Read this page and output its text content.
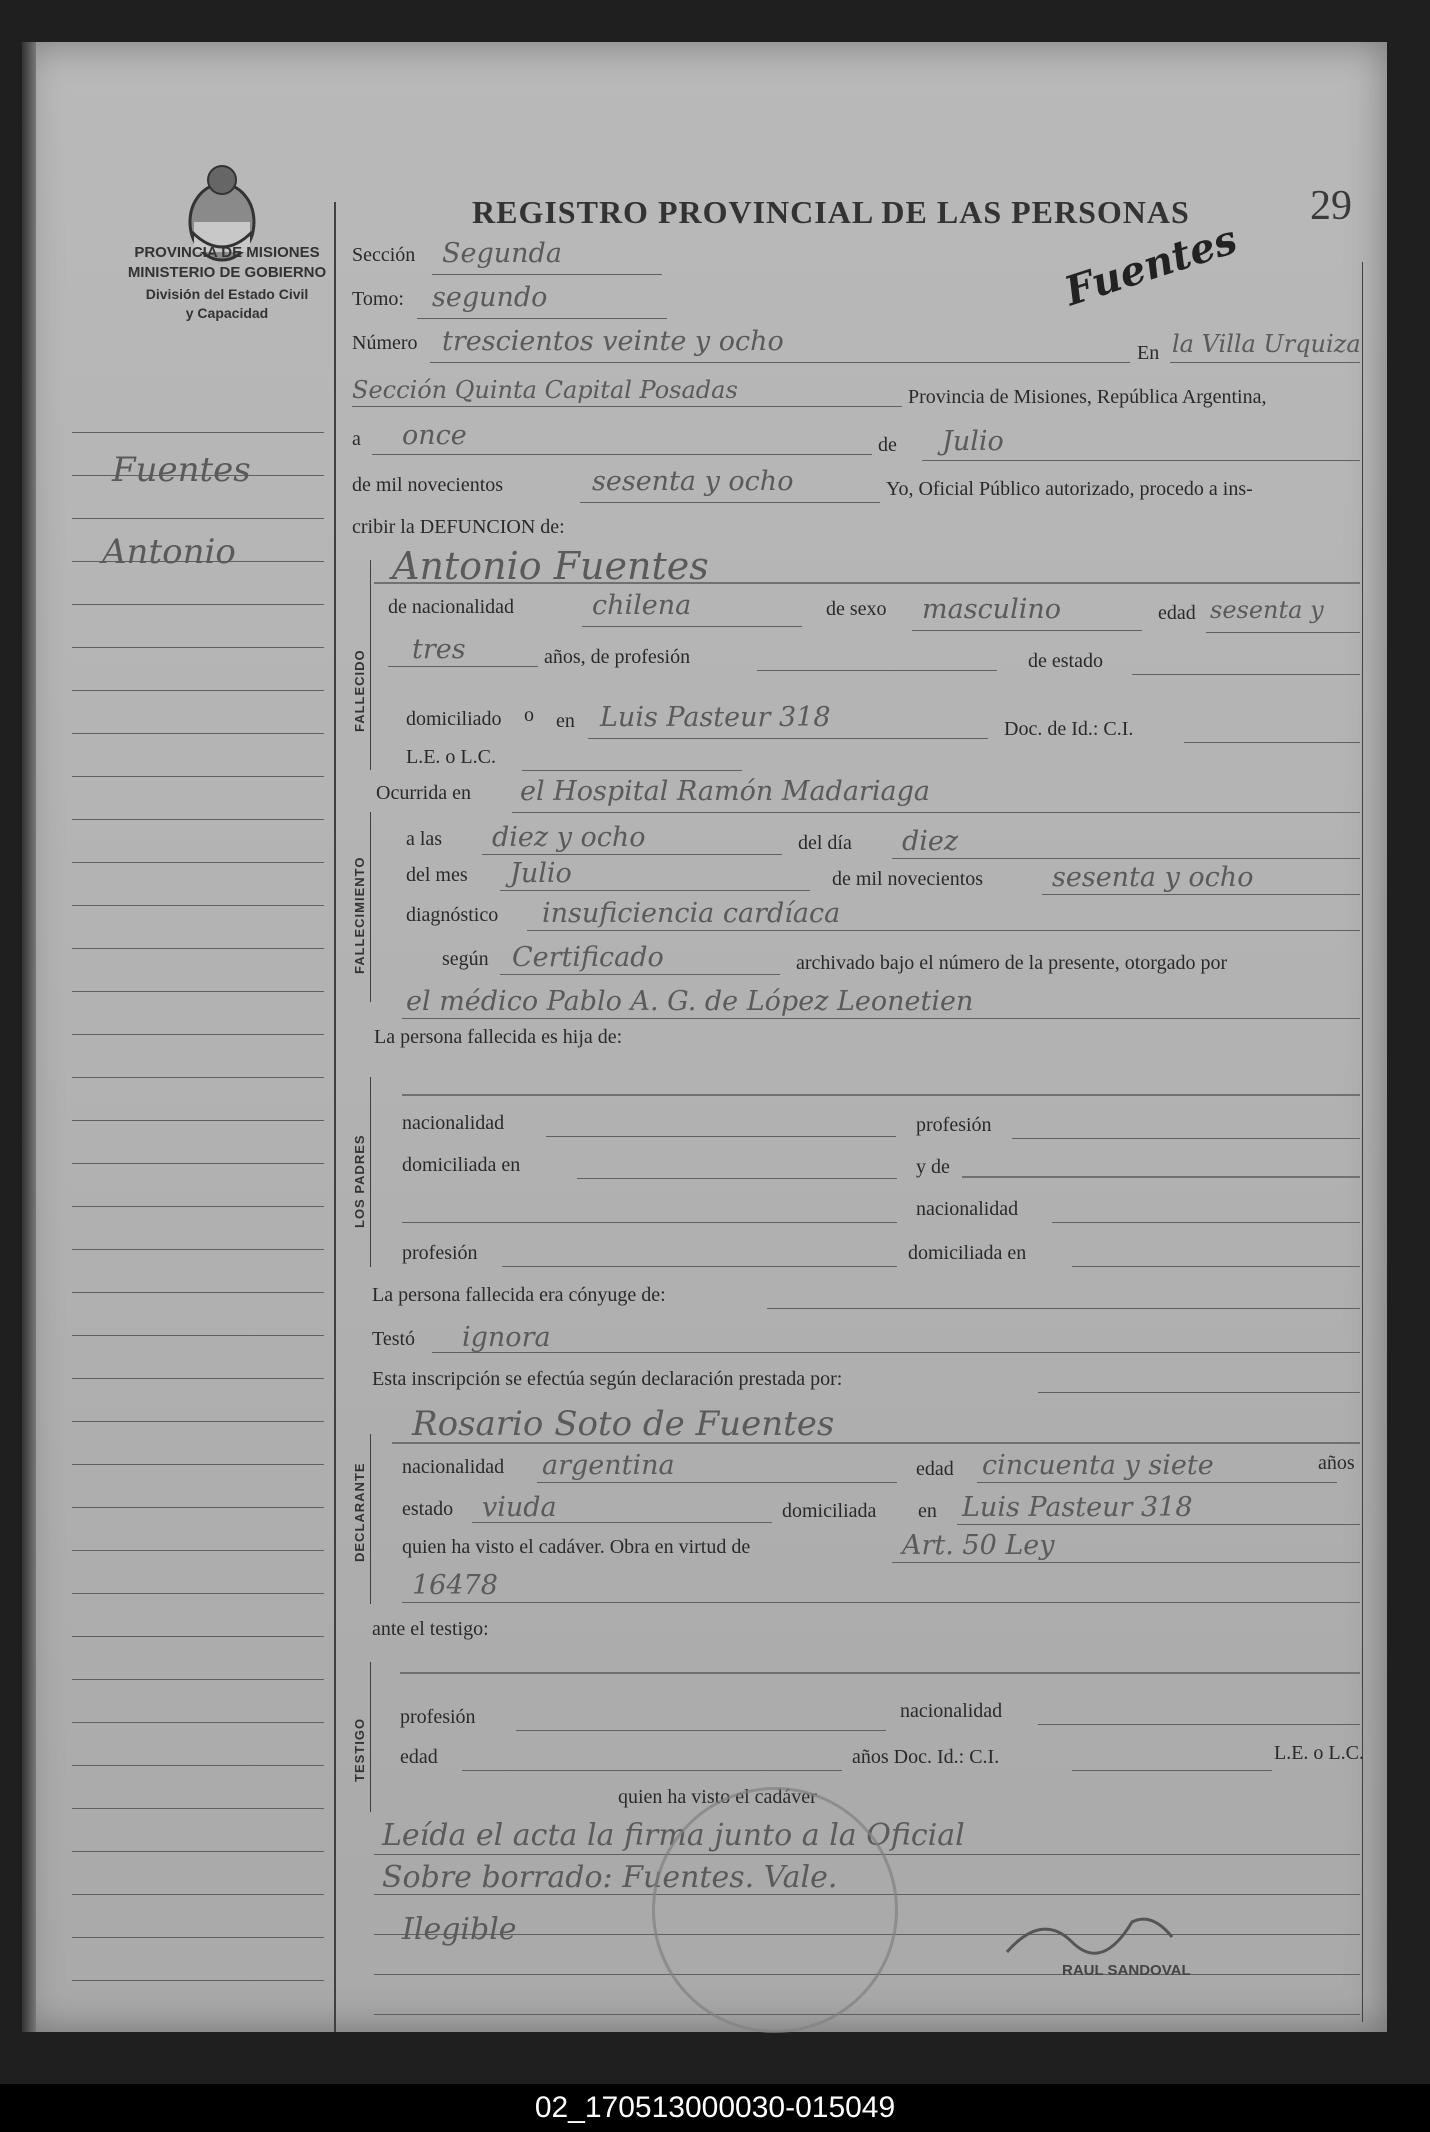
PROVINCIA DE MISIONES
MINISTERIO DE GOBIERNO
División del Estado Civil
y Capacidad
REGISTRO PROVINCIAL DE LAS PERSONAS	29
Fuentes
Fuentes
Antonio
Sección Segunda
Tomo: segundo
Número trescientos veinte y ocho	En la Villa Urquiza
Sección Quinta Capital Posadas	Provincia de Misiones, República Argentina,
a once	de Julio
de mil novecientos	sesenta y ocho	Yo, Oficial Público autorizado, procedo a ins-
cribir la DEFUNCION de:
FALLECIDO
Antonio Fuentes
de nacionalidad	chilena	de sexo masculino	edad sesenta y
tres	años, de profesión	de estado
domiciliado o en Luis Pasteur 318	Doc. de Id.: C.I.
L.E. o L.C.
FALLECIMIENTO
Ocurrida en el Hospital Ramón Madariaga
a las diez y ocho	del día diez
del mes Julio	de mil novecientos	sesenta y ocho
diagnóstico insuficiencia cardíaca
según Certificado	archivado bajo el número de la presente, otorgado por
el médico Pablo A. G. de López Leonetien
La persona fallecida es hija de:
LOS PADRES
nacionalidad	profesión
domiciliada en	y de
nacionalidad
profesión	domiciliada en
La persona fallecida era cónyuge de:
Testó ignora
Esta inscripción se efectúa según declaración prestada por:
DECLARANTE
Rosario Soto de Fuentes
nacionalidad argentina	edad cincuenta y siete	años
estado viuda	domiciliada en Luis Pasteur 318
quien ha visto el cadáver. Obra en virtud de	Art. 50 Ley
16478
ante el testigo:
TESTIGO
profesión	nacionalidad
edad	años Doc. Id.: C.I.	L.E. o L.C.
quien ha visto el cadáver
Leída el acta la firma junto a la Oficial
Sobre borrado: Fuentes. Vale.
Ilegible
RAUL SANDOVAL
02_170513000030-015049
